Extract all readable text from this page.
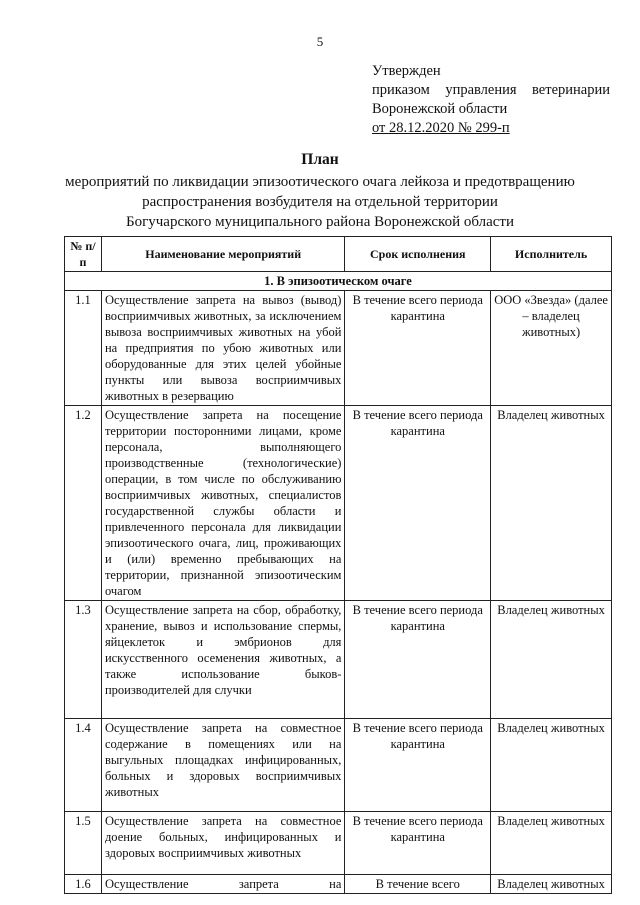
5
Утвержден
приказом управления ветеринарии
Воронежской области
от 28.12.2020 № 299-п
План
мероприятий по ликвидации эпизоотического очага лейкоза и предотвращению
распространения возбудителя на отдельной территории
Богучарского муниципального района Воронежской области
№ п/п	Наименование мероприятий	Срок исполнения	Исполнитель
1. В эпизоотическом очаге			
1.1	Осуществление запрета на вывоз (вывод) восприимчивых животных, за исключением вывоза восприимчивых животных на убой на предприятия по убою животных или оборудованные для этих целей убойные пункты или вывоза восприимчивых животных в резервацию	В течение всего периода карантина	ООО «Звезда» (далее – владелец животных)
1.2	Осуществление запрета на посещение территории посторонними лицами, кроме персонала, выполняющего производственные (технологические) операции, в том числе по обслуживанию восприимчивых животных, специалистов государственной службы области и привлеченного персонала для ликвидации эпизоотического очага, лиц, проживающих и (или) временно пребывающих на территории, признанной эпизоотическим очагом	В течение всего периода карантина	Владелец животных
1.3	Осуществление запрета на сбор, обработку, хранение, вывоз и использование спермы, яйцеклеток и эмбрионов для искусственного осеменения животных, а также использование быков-производителей для случки	В течение всего периода карантина	Владелец животных
1.4	Осуществление запрета на совместное содержание в помещениях или на выгульных площадках инфицированных, больных и здоровых восприимчивых животных	В течение всего периода карантина	Владелец животных
1.5	Осуществление запрета на совместное доение больных, инфицированных и здоровых восприимчивых животных	В течение всего периода карантина	Владелец животных
1.6	Осуществление запрета на	В течение всего	Владелец животных
